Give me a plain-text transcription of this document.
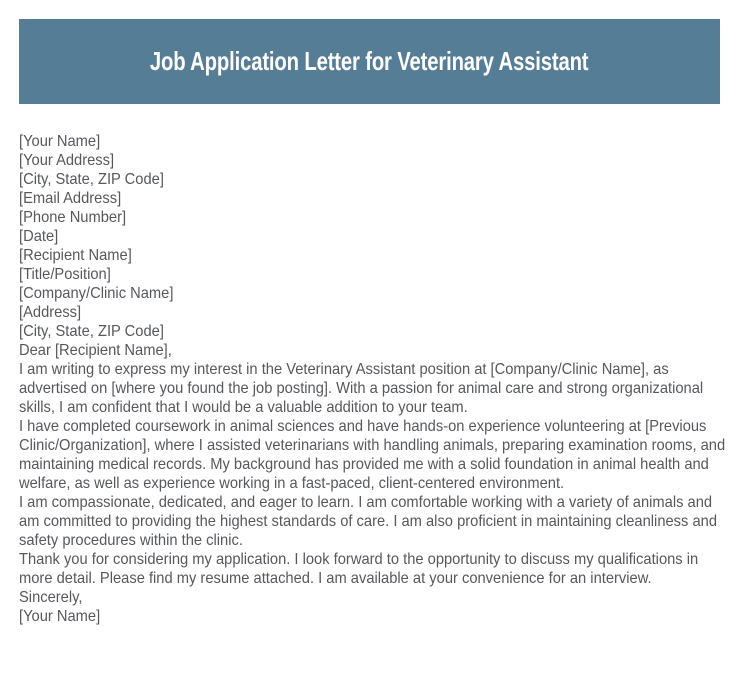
Job Application Letter for Veterinary Assistant
[Your Name]
[Your Address]
[City, State, ZIP Code]
[Email Address]
[Phone Number]
[Date]
[Recipient Name]
[Title/Position]
[Company/Clinic Name]
[Address]
[City, State, ZIP Code]
Dear [Recipient Name],

I am writing to express my interest in the Veterinary Assistant position at [Company/Clinic Name], as advertised on [where you found the job posting]. With a passion for animal care and strong organizational skills, I am confident that I would be a valuable addition to your team.

I have completed coursework in animal sciences and have hands-on experience volunteering at [Previous Clinic/Organization], where I assisted veterinarians with handling animals, preparing examination rooms, and maintaining medical records. My background has provided me with a solid foundation in animal health and welfare, as well as experience working in a fast-paced, client-centered environment.

I am compassionate, dedicated, and eager to learn. I am comfortable working with a variety of animals and am committed to providing the highest standards of care. I am also proficient in maintaining cleanliness and safety procedures within the clinic.

Thank you for considering my application. I look forward to the opportunity to discuss my qualifications in more detail. Please find my resume attached. I am available at your convenience for an interview.

Sincerely,
[Your Name]
